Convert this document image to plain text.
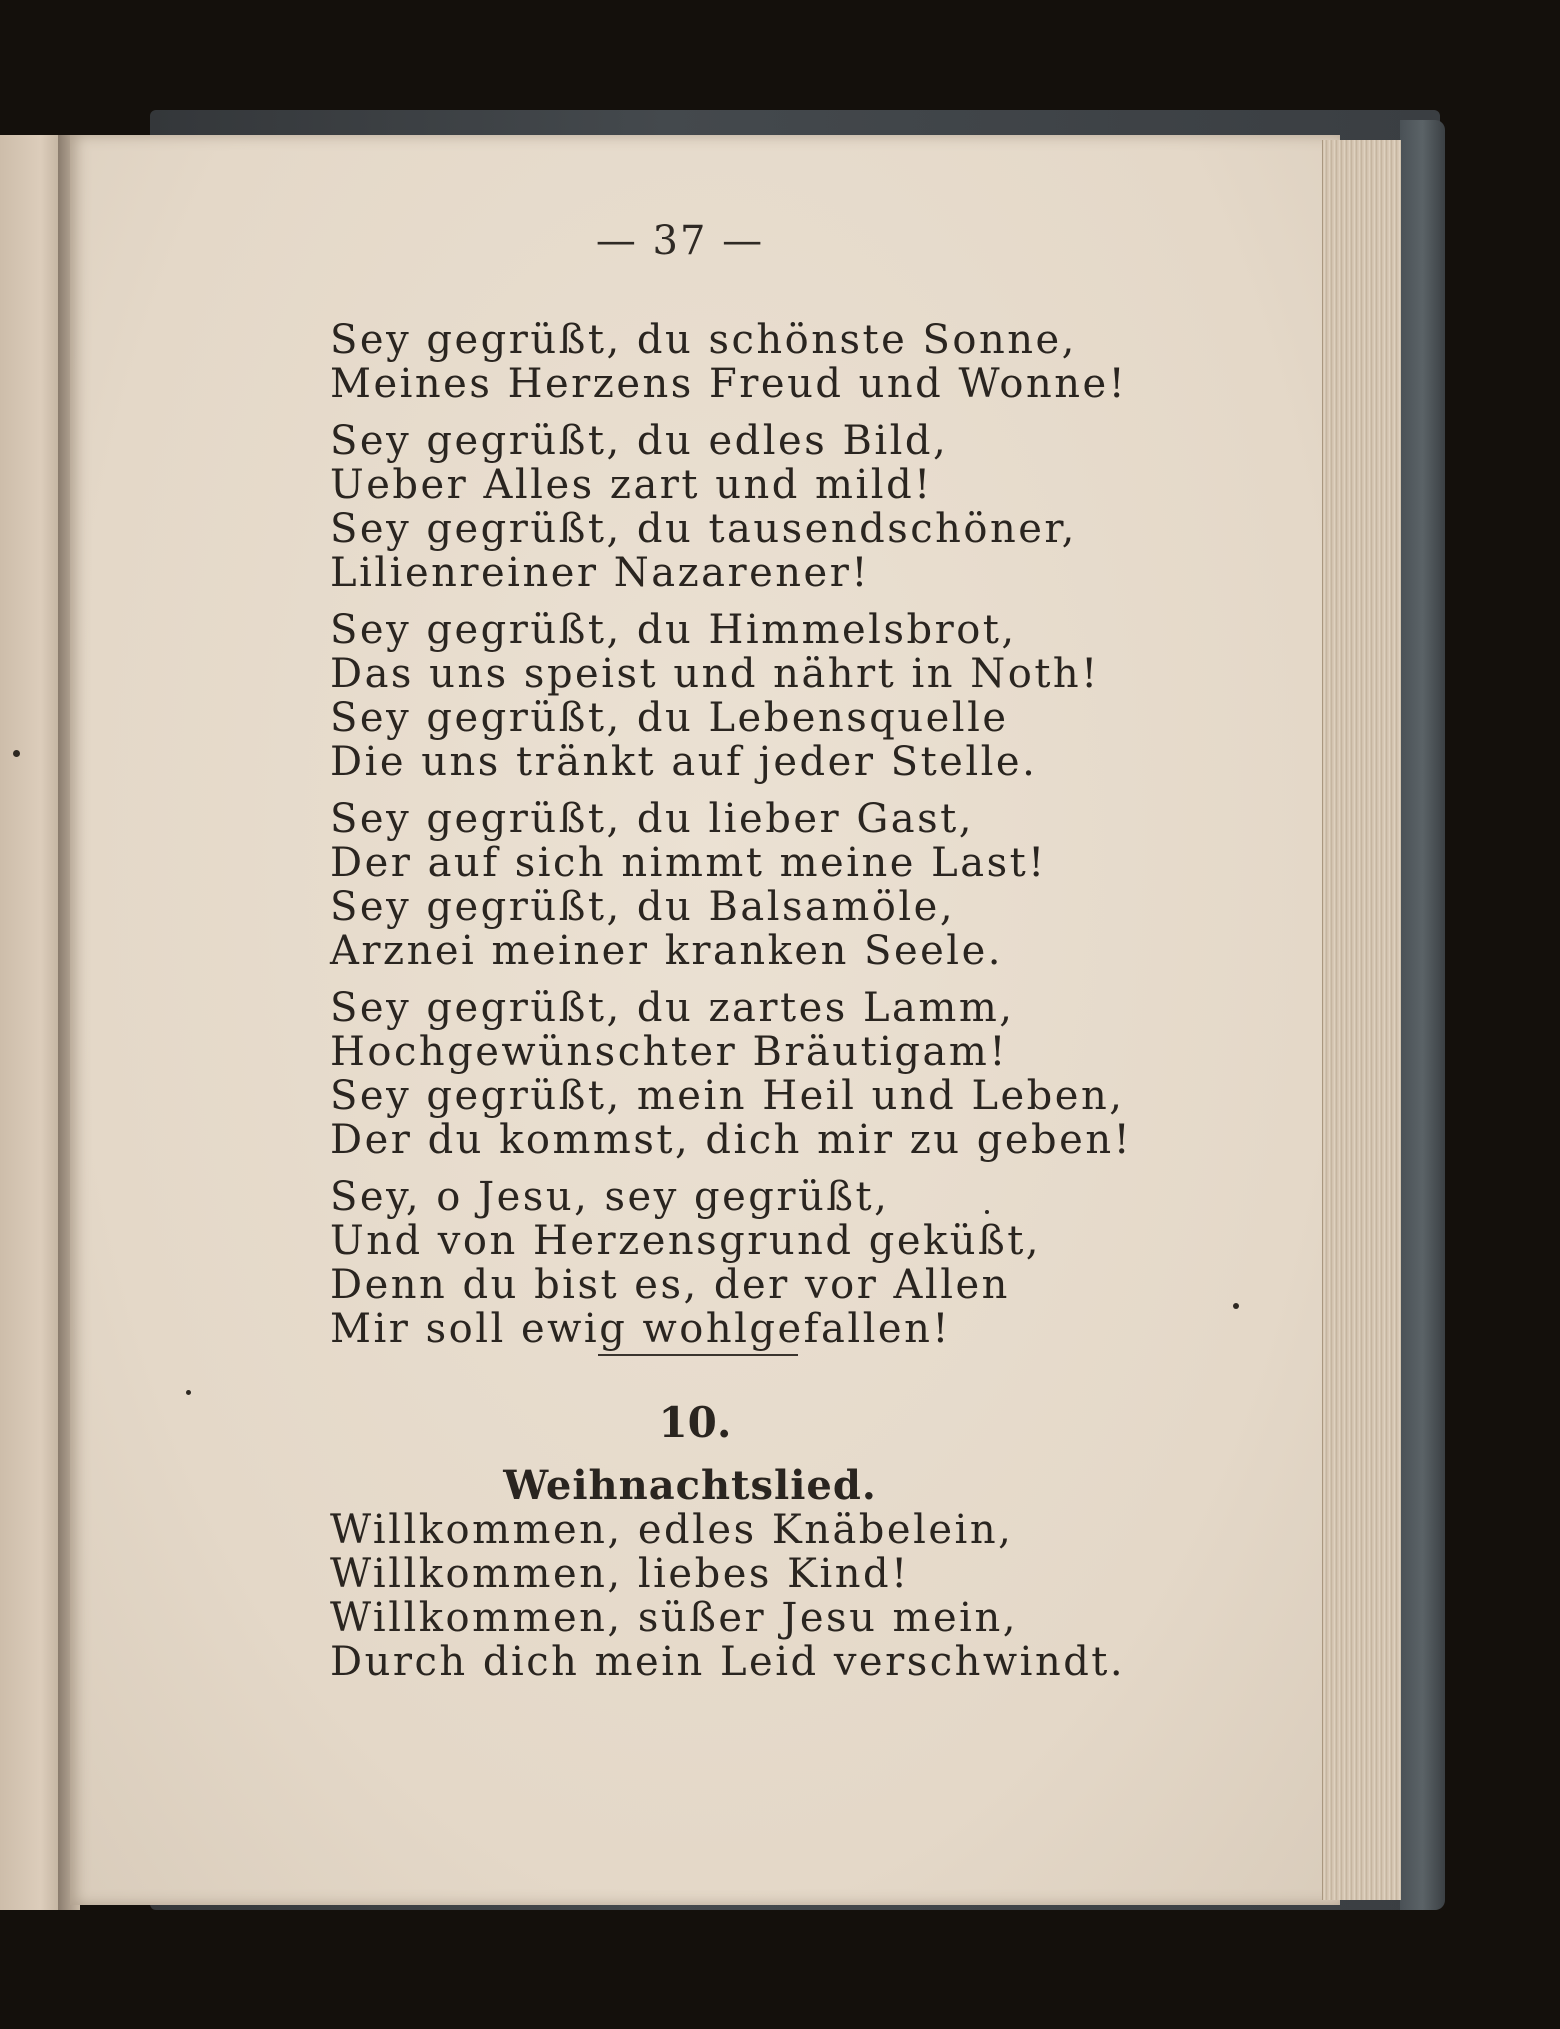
— 37 —
Sey gegrüßt, du schönste Sonne,
Meines Herzens Freud und Wonne!
Sey gegrüßt, du edles Bild,
Ueber Alles zart und mild!
Sey gegrüßt, du tausendschöner,
Lilienreiner Nazarener!
Sey gegrüßt, du Himmelsbrot,
Das uns speist und nährt in Noth!
Sey gegrüßt, du Lebensquelle
Die uns tränkt auf jeder Stelle.
Sey gegrüßt, du lieber Gast,
Der auf sich nimmt meine Last!
Sey gegrüßt, du Balsamöle,
Arznei meiner kranken Seele.
Sey gegrüßt, du zartes Lamm,
Hochgewünschter Bräutigam!
Sey gegrüßt, mein Heil und Leben,
Der du kommst, dich mir zu geben!
Sey, o Jesu, sey gegrüßt,
Und von Herzensgrund geküßt,
Denn du bist es, der vor Allen
Mir soll ewig wohlgefallen!
10.
Weihnachtslied.
Willkommen, edles Knäbelein,
Willkommen, liebes Kind!
Willkommen, süßer Jesu mein,
Durch dich mein Leid verschwindt.
